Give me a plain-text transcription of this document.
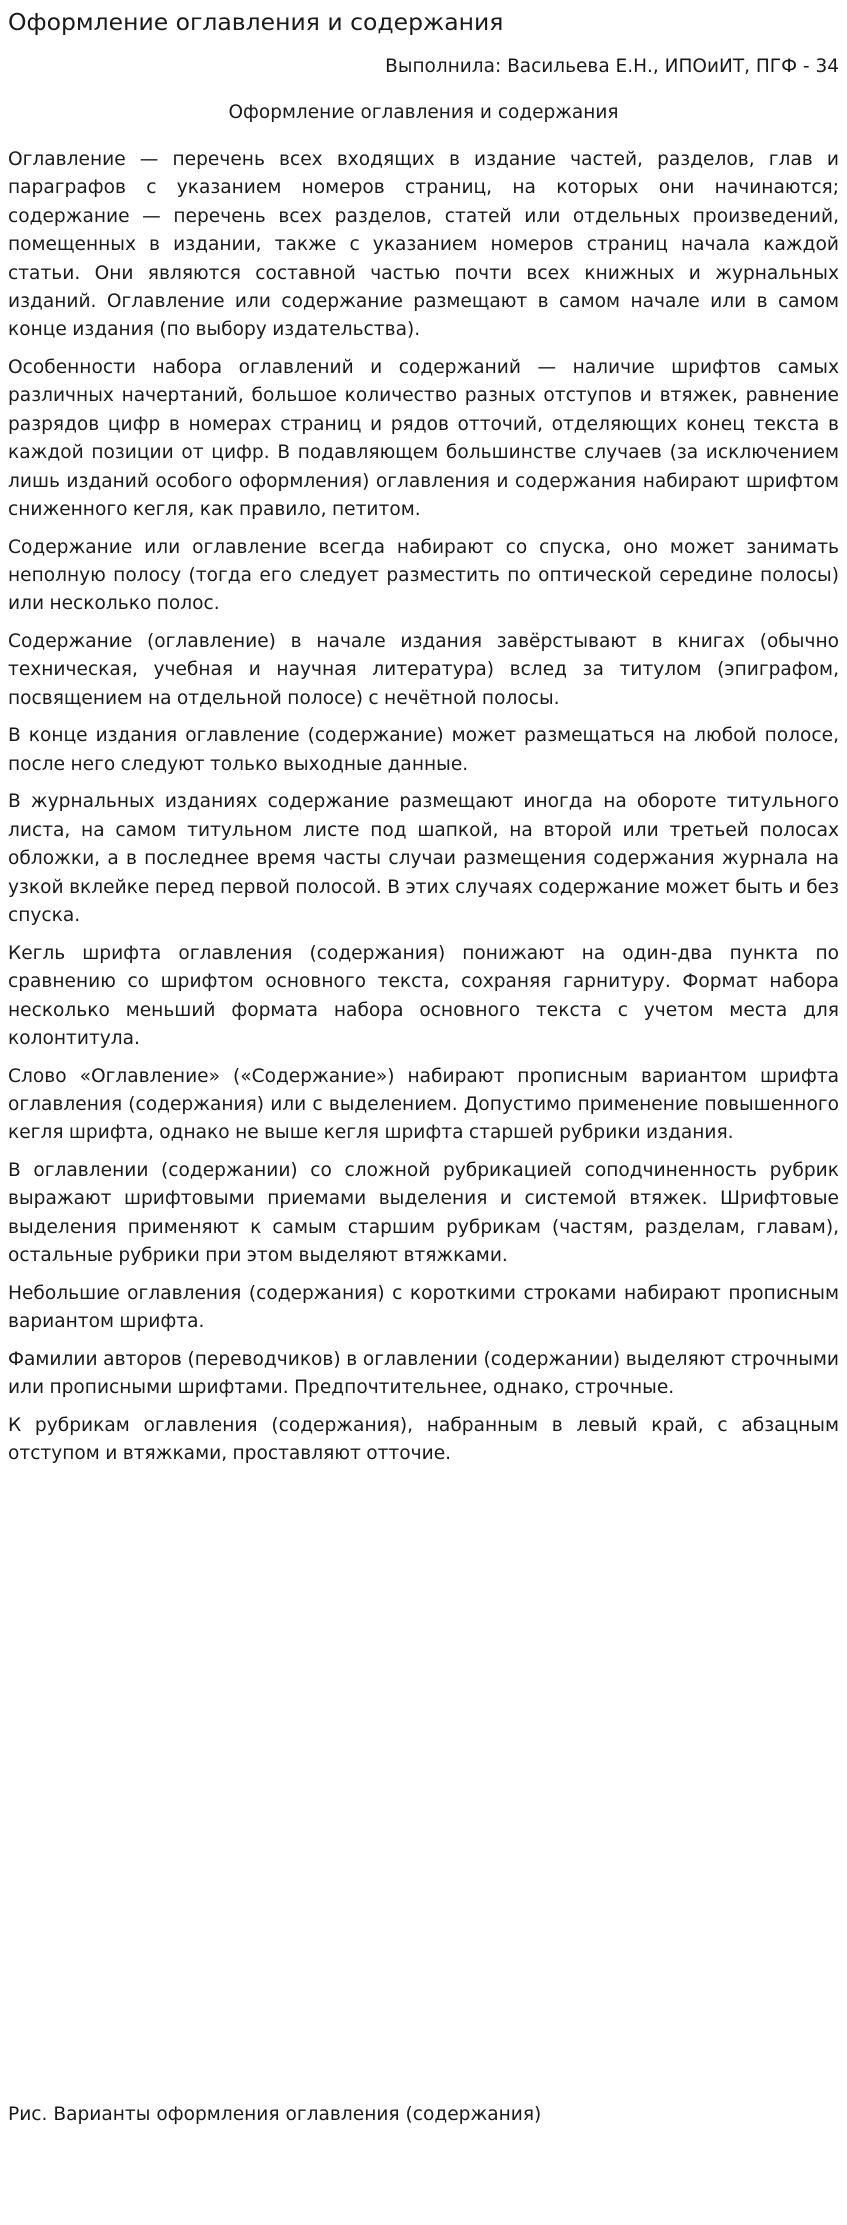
Оформление оглавления и содержания
Выполнила: Васильева Е.Н., ИПОиИТ, ПГФ - 34
Оформление оглавления и содержания

Оглавление — перечень всех входящих в издание частей, разделов, глав и параграфов с указанием номеров страниц, на которых они начинаются; содержание — перечень всех разделов, статей или отдельных произведений, помещенных в издании, также с указанием номеров страниц начала каждой статьи. Они являются составной частью почти всех книжных и журнальных изданий. Оглавление или содержание размещают в самом начале или в самом конце издания (по выбору издательства).

Особенности набора оглавлений и содержаний — наличие шрифтов самых различных начертаний, большое количество разных отступов и втяжек, равнение разрядов цифр в номерах страниц и рядов отточий, отделяющих конец текста в каждой позиции от цифр. В подавляющем большинстве случаев (за исключением лишь изданий особого оформления) оглавления и содержания набирают шрифтом сниженного кегля, как правило, петитом.

Содержание или оглавление всегда набирают со спуска, оно может занимать неполную полосу (тогда его следует разместить по оптической середине полосы) или несколько полос.

Содержание (оглавление) в начале издания завёрстывают в книгах (обычно техническая, учебная и научная литература) вслед за титулом (эпиграфом, посвящением на отдельной полосе) с нечётной полосы.

В конце издания оглавление (содержание) может размещаться на любой полосе, после него следуют только выходные данные.

В журнальных изданиях содержание размещают иногда на обороте титульного листа, на самом титульном листе под шапкой, на второй или третьей полосах обложки, а в последнее время часты случаи размещения содержания журнала на узкой вклейке перед первой полосой. В этих случаях содержание может быть и без спуска.

Кегль шрифта оглавления (содержания) понижают на один-два пункта по сравнению со шрифтом основного текста, сохраняя гарнитуру. Формат набора несколько меньший формата набора основного текста с учетом места для колонтитула.

Слово «Оглавление» («Содержание») набирают прописным вариантом шрифта оглавления (содержания) или с выделением. Допустимо применение повышенного кегля шрифта, однако не выше кегля шрифта старшей рубрики издания.

В оглавлении (содержании) со сложной рубрикацией соподчиненность рубрик выражают шрифтовыми приемами выделения и системой втяжек. Шрифтовые выделения применяют к самым старшим рубрикам (частям, разделам, главам), остальные рубрики при этом выделяют втяжками.

Небольшие оглавления (содержания) с короткими строками набирают прописным вариантом шрифта.

Фамилии авторов (переводчиков) в оглавлении (содержании) выделяют строчными или прописными шрифтами. Предпочтительнее, однако, строчные.

К рубрикам оглавления (содержания), набранным в левый край, с абзацным отступом и втяжками, проставляют отточие.

Рис. Варианты оформления оглавления (содержания)
